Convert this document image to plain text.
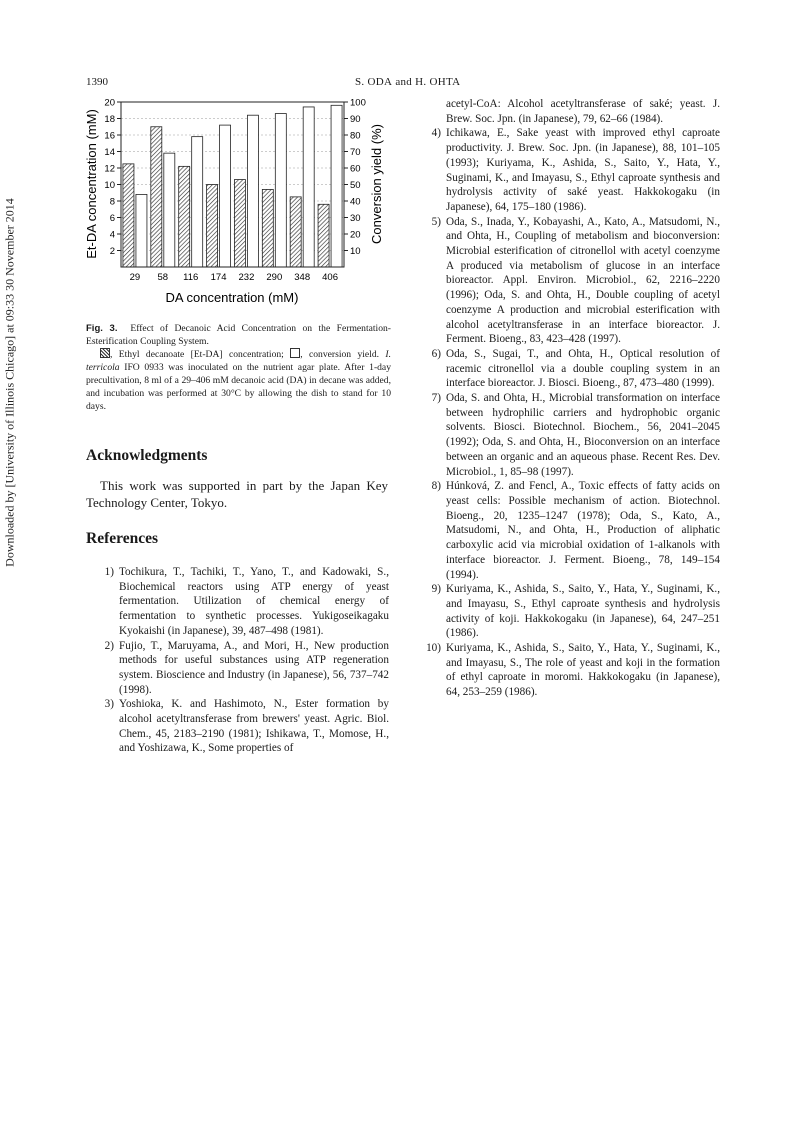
Downloaded by [University of Illinois Chicago] at 09:33 30 November 2014
1390	S. ODA and H. OHTA
2
4
6
8
10
12
14
16
18
20
10
20
30
40
50
60
70
80
90
100
29 58 116 174 232 290 348 406
Et-DA concentration (mM)	Conversion yield (%)
DA concentration (mM)
Fig. 3. Effect of Decanoic Acid Concentration on the Fermentation-Esterification Coupling System.
, Ethyl decanoate [Et-DA] concentration; , conversion yield. I. terricola IFO 0933 was inoculated on the nutrient agar plate. After 1-day precultivation, 8 ml of a 29–406 mM decanoic acid (DA) in decane was added, and incubation was performed at 30°C by allowing the dish to stand for 10 days.
Acknowledgments
This work was supported in part by the Japan Key Technology Center, Tokyo.
References
1) Tochikura, T., Tachiki, T., Yano, T., and Kadowaki, S., Biochemical reactors using ATP energy of yeast fermentation. Utilization of chemical energy of fermentation to synthetic processes. Yukigoseikagaku Kyokaishi (in Japanese), 39, 487–498 (1981).
2) Fujio, T., Maruyama, A., and Mori, H., New production methods for useful substances using ATP regeneration system. Bioscience and Industry (in Japanese), 56, 737–742 (1998).
3) Yoshioka, K. and Hashimoto, N., Ester formation by alcohol acetyltransferase from brewers' yeast. Agric. Biol. Chem., 45, 2183–2190 (1981); Ishikawa, T., Momose, H., and Yoshizawa, K., Some properties of
acetyl-CoA: Alcohol acetyltransferase of saké; yeast. J. Brew. Soc. Jpn. (in Japanese), 79, 62–66 (1984).
4) Ichikawa, E., Sake yeast with improved ethyl caproate productivity. J. Brew. Soc. Jpn. (in Japanese), 88, 101–105 (1993); Kuriyama, K., Ashida, S., Saito, Y., Hata, Y., Suginami, K., and Imayasu, S., Ethyl caproate synthesis and hydrolysis activity of saké yeast. Hakkokogaku (in Japanese), 64, 175–180 (1986).
5) Oda, S., Inada, Y., Kobayashi, A., Kato, A., Matsudomi, N., and Ohta, H., Coupling of metabolism and bioconversion: Microbial esterification of citronellol with acetyl coenzyme A produced via metabolism of glucose in an interface bioreactor. Appl. Environ. Microbiol., 62, 2216–2220 (1996); Oda, S. and Ohta, H., Double coupling of acetyl coenzyme A production and microbial esterification with alcohol acetyltransferase in an interface bioreactor. J. Ferment. Bioeng., 83, 423–428 (1997).
6) Oda, S., Sugai, T., and Ohta, H., Optical resolution of racemic citronellol via a double coupling system in an interface bioreactor. J. Biosci. Bioeng., 87, 473–480 (1999).
7) Oda, S. and Ohta, H., Microbial transformation on interface between hydrophilic carriers and hydrophobic organic solvents. Biosci. Biotechnol. Biochem., 56, 2041–2045 (1992); Oda, S. and Ohta, H., Bioconversion on an interface between an organic and an aqueous phase. Recent Res. Dev. Microbiol., 1, 85–98 (1997).
8) Húnková, Z. and Fencl, A., Toxic effects of fatty acids on yeast cells: Possible mechanism of action. Biotechnol. Bioeng., 20, 1235–1247 (1978); Oda, S., Kato, A., Matsudomi, N., and Ohta, H., Production of aliphatic carboxylic acid via microbial oxidation of 1-alkanols with interface bioreactor. J. Ferment. Bioeng., 78, 149–154 (1994).
9) Kuriyama, K., Ashida, S., Saito, Y., Hata, Y., Suginami, K., and Imayasu, S., Ethyl caproate synthesis and hydrolysis activity of koji. Hakkokogaku (in Japanese), 64, 247–251 (1986).
10) Kuriyama, K., Ashida, S., Saito, Y., Hata, Y., Suginami, K., and Imayasu, S., The role of yeast and koji in the formation of ethyl caproate in moromi. Hakkokogaku (in Japanese), 64, 253–259 (1986).
